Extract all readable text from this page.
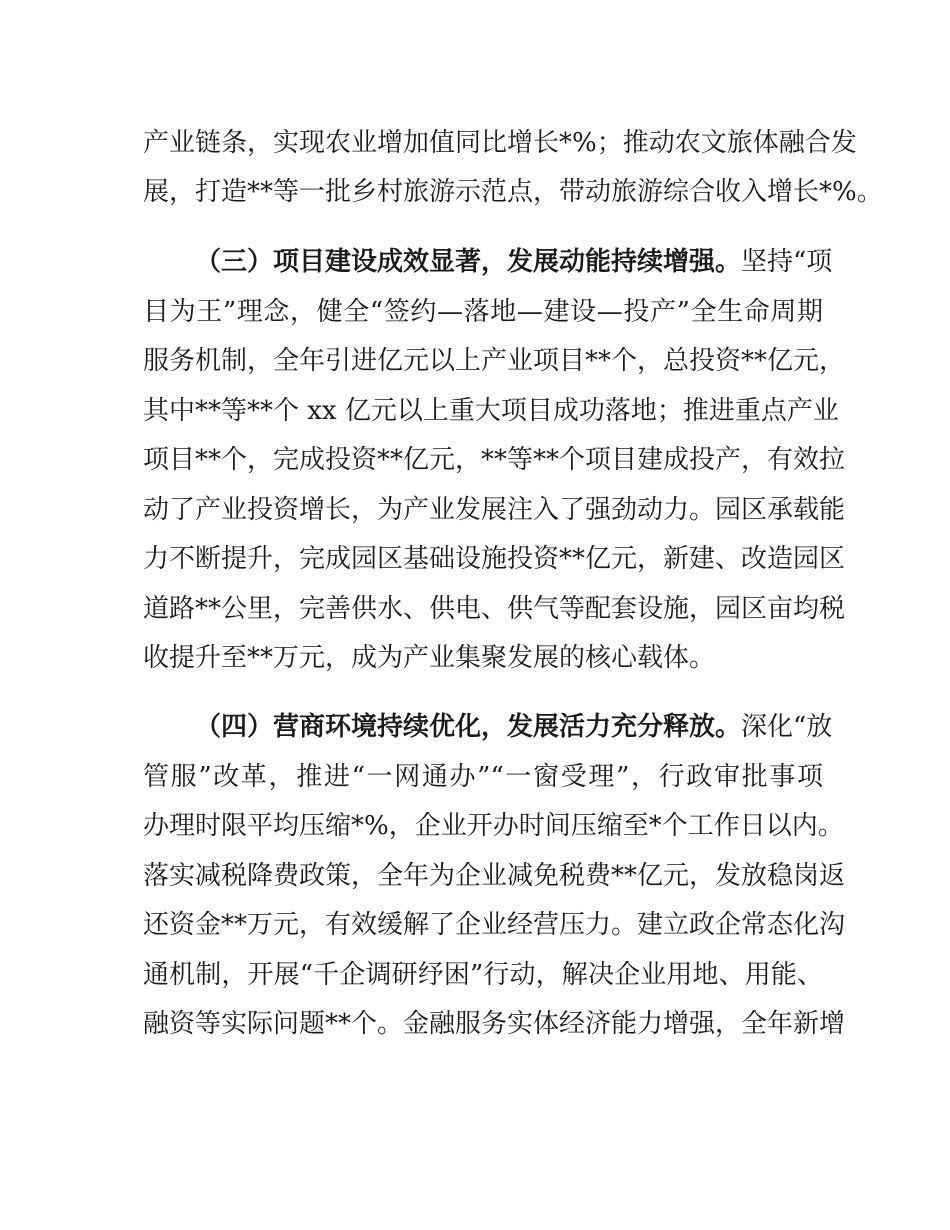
产业链条，实现农业增加值同比增长*%；推动农文旅体融合发
展，打造**等一批乡村旅游示范点，带动旅游综合收入增长*%。
（三）项目建设成效显著，发展动能持续增强。坚持“项
目为王”理念，健全“签约—落地—建设—投产”全生命周期
服务机制，全年引进亿元以上产业项目**个，总投资**亿元，
其中**等**个 xx 亿元以上重大项目成功落地；推进重点产业
项目**个，完成投资**亿元，**等**个项目建成投产，有效拉
动了产业投资增长，为产业发展注入了强劲动力。园区承载能
力不断提升，完成园区基础设施投资**亿元，新建、改造园区
道路**公里，完善供水、供电、供气等配套设施，园区亩均税
收提升至**万元，成为产业集聚发展的核心载体。
（四）营商环境持续优化，发展活力充分释放。深化“放
管服”改革，推进“一网通办”“一窗受理”，行政审批事项
办理时限平均压缩*%，企业开办时间压缩至*个工作日以内。
落实减税降费政策，全年为企业减免税费**亿元，发放稳岗返
还资金**万元，有效缓解了企业经营压力。建立政企常态化沟
通机制，开展“千企调研纾困”行动，解决企业用地、用能、
融资等实际问题**个。金融服务实体经济能力增强，全年新增
